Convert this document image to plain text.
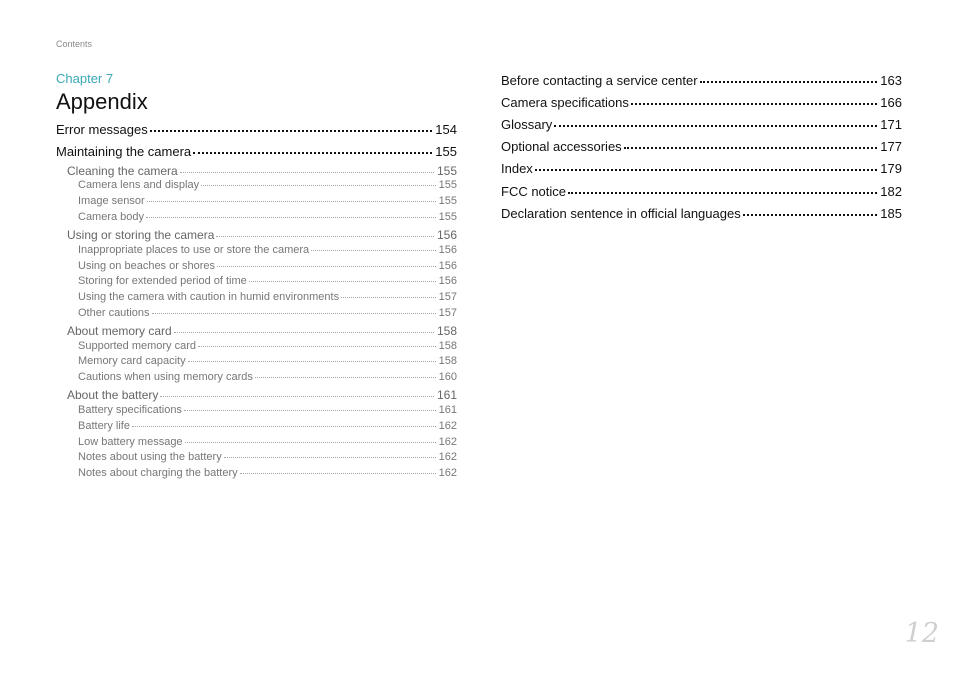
Contents
Chapter 7
Appendix
Error messages	154
Maintaining the camera	155
Cleaning the camera	155
Camera lens and display	155
Image sensor	155
Camera body	155
Using or storing the camera	156
Inappropriate places to use or store the camera	156
Using on beaches or shores	156
Storing for extended period of time	156
Using the camera with caution in humid environments	157
Other cautions	157
About memory card	158
Supported memory card	158
Memory card capacity	158
Cautions when using memory cards	160
About the battery	161
Battery specifications	161
Battery life	162
Low battery message	162
Notes about using the battery	162
Notes about charging the battery	162
Before contacting a service center	163
Camera specifications	166
Glossary	171
Optional accessories	177
Index	179
FCC notice	182
Declaration sentence in official languages	185
12
